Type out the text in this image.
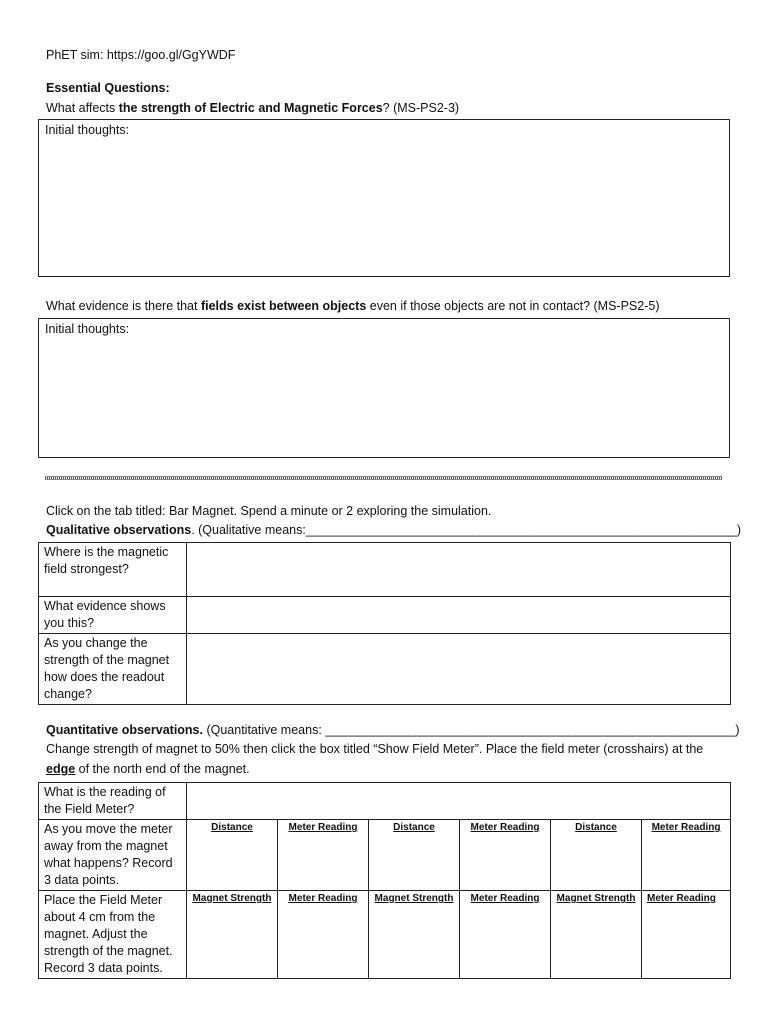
PhET sim: https://goo.gl/GgYWDF
Essential Questions:
What affects the strength of Electric and Magnetic Forces? (MS-PS2-3)
Initial thoughts:
What evidence is there that fields exist between objects even if those objects are not in contact? (MS-PS2-5)
Initial thoughts:
Click on the tab titled: Bar Magnet. Spend a minute or 2 exploring the simulation.
Qualitative observations. (Qualitative means:______________________________________________________________)
Where is the magnetic field strongest?	
What evidence shows you this?	
As you change the strength of the magnet how does the readout change?	
Quantitative observations. (Quantitative means: ___________________________________________________________)
Change strength of magnet to 50% then click the box titled “Show Field Meter”. Place the field meter (crosshairs) at the
edge of the north end of the magnet.
What is the reading of the Field Meter?						
As you move the meter away from the magnet what happens? Record 3 data points.	Distance	Meter Reading	Distance	Meter Reading	Distance	Meter Reading
Place the Field Meter about 4 cm from the magnet. Adjust the strength of the magnet. Record 3 data points.	Magnet Strength	Meter Reading	Magnet Strength	Meter Reading	Magnet Strength	Meter Reading
